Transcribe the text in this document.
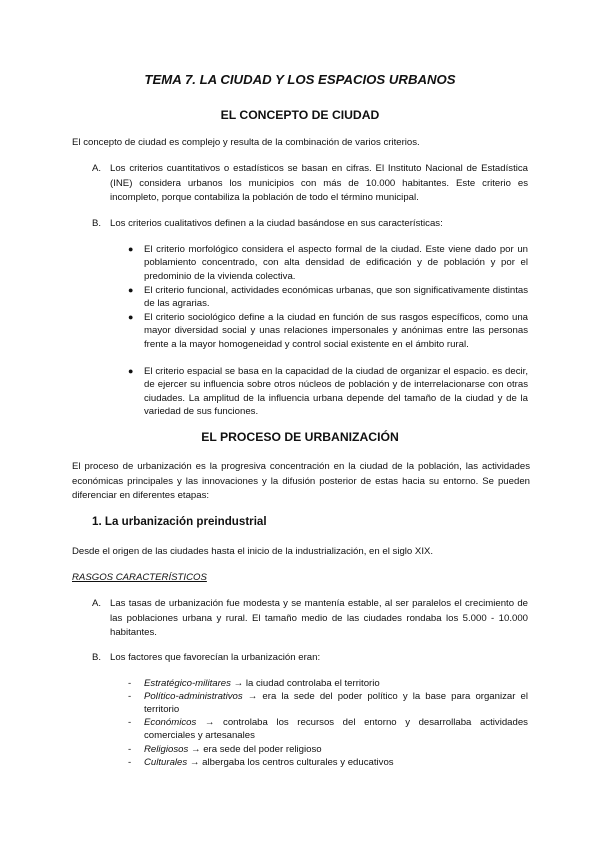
TEMA 7. LA CIUDAD Y LOS ESPACIOS URBANOS
EL CONCEPTO DE CIUDAD

El concepto de ciudad es complejo y resulta de la combinación de varios criterios.

A. Los criterios cuantitativos o estadísticos se basan en cifras. El Instituto Nacional de Estadística (INE) considera urbanos los municipios con más de 10.000 habitantes. Este criterio es incompleto, porque contabiliza la población de todo el término municipal.
B. Los criterios cualitativos definen a la ciudad basándose en sus características:
● El criterio morfológico considera el aspecto formal de la ciudad. Este viene dado por un poblamiento concentrado, con alta densidad de edificación y de población y por el predominio de la vivienda colectiva.
● El criterio funcional, actividades económicas urbanas, que son significativamente distintas de las agrarias.
● El criterio sociológico define a la ciudad en función de sus rasgos específicos, como una mayor diversidad social y unas relaciones impersonales y anónimas entre las personas frente a la mayor homogeneidad y control social existente en el ámbito rural.
● El criterio espacial se basa en la capacidad de la ciudad de organizar el espacio. es decir, de ejercer su influencia sobre otros núcleos de población y de interrelacionarse con otras ciudades. La amplitud de la influencia urbana depende del tamaño de la ciudad y de la variedad de sus funciones.
EL PROCESO DE URBANIZACIÓN

El proceso de urbanización es la progresiva concentración en la ciudad de la población, las actividades económicas principales y las innovaciones y la difusión posterior de estas hacia su entorno. Se pueden diferenciar en diferentes etapas:

1. La urbanización preindustrial

Desde el origen de las ciudades hasta el inicio de la industrialización, en el siglo XIX.

RASGOS CARACTERÍSTICOS

A. Las tasas de urbanización fue modesta y se mantenía estable, al ser paralelos el crecimiento de las poblaciones urbana y rural. El tamaño medio de las ciudades rondaba los 5.000 - 10.000 habitantes.
B. Los factores que favorecían la urbanización eran:
- Estratégico-militares → la ciudad controlaba el territorio
- Político-administrativos → era la sede del poder político y la base para organizar el territorio
- Económicos → controlaba los recursos del entorno y desarrollaba actividades comerciales y artesanales
- Religiosos → era sede del poder religioso
- Culturales → albergaba los centros culturales y educativos
